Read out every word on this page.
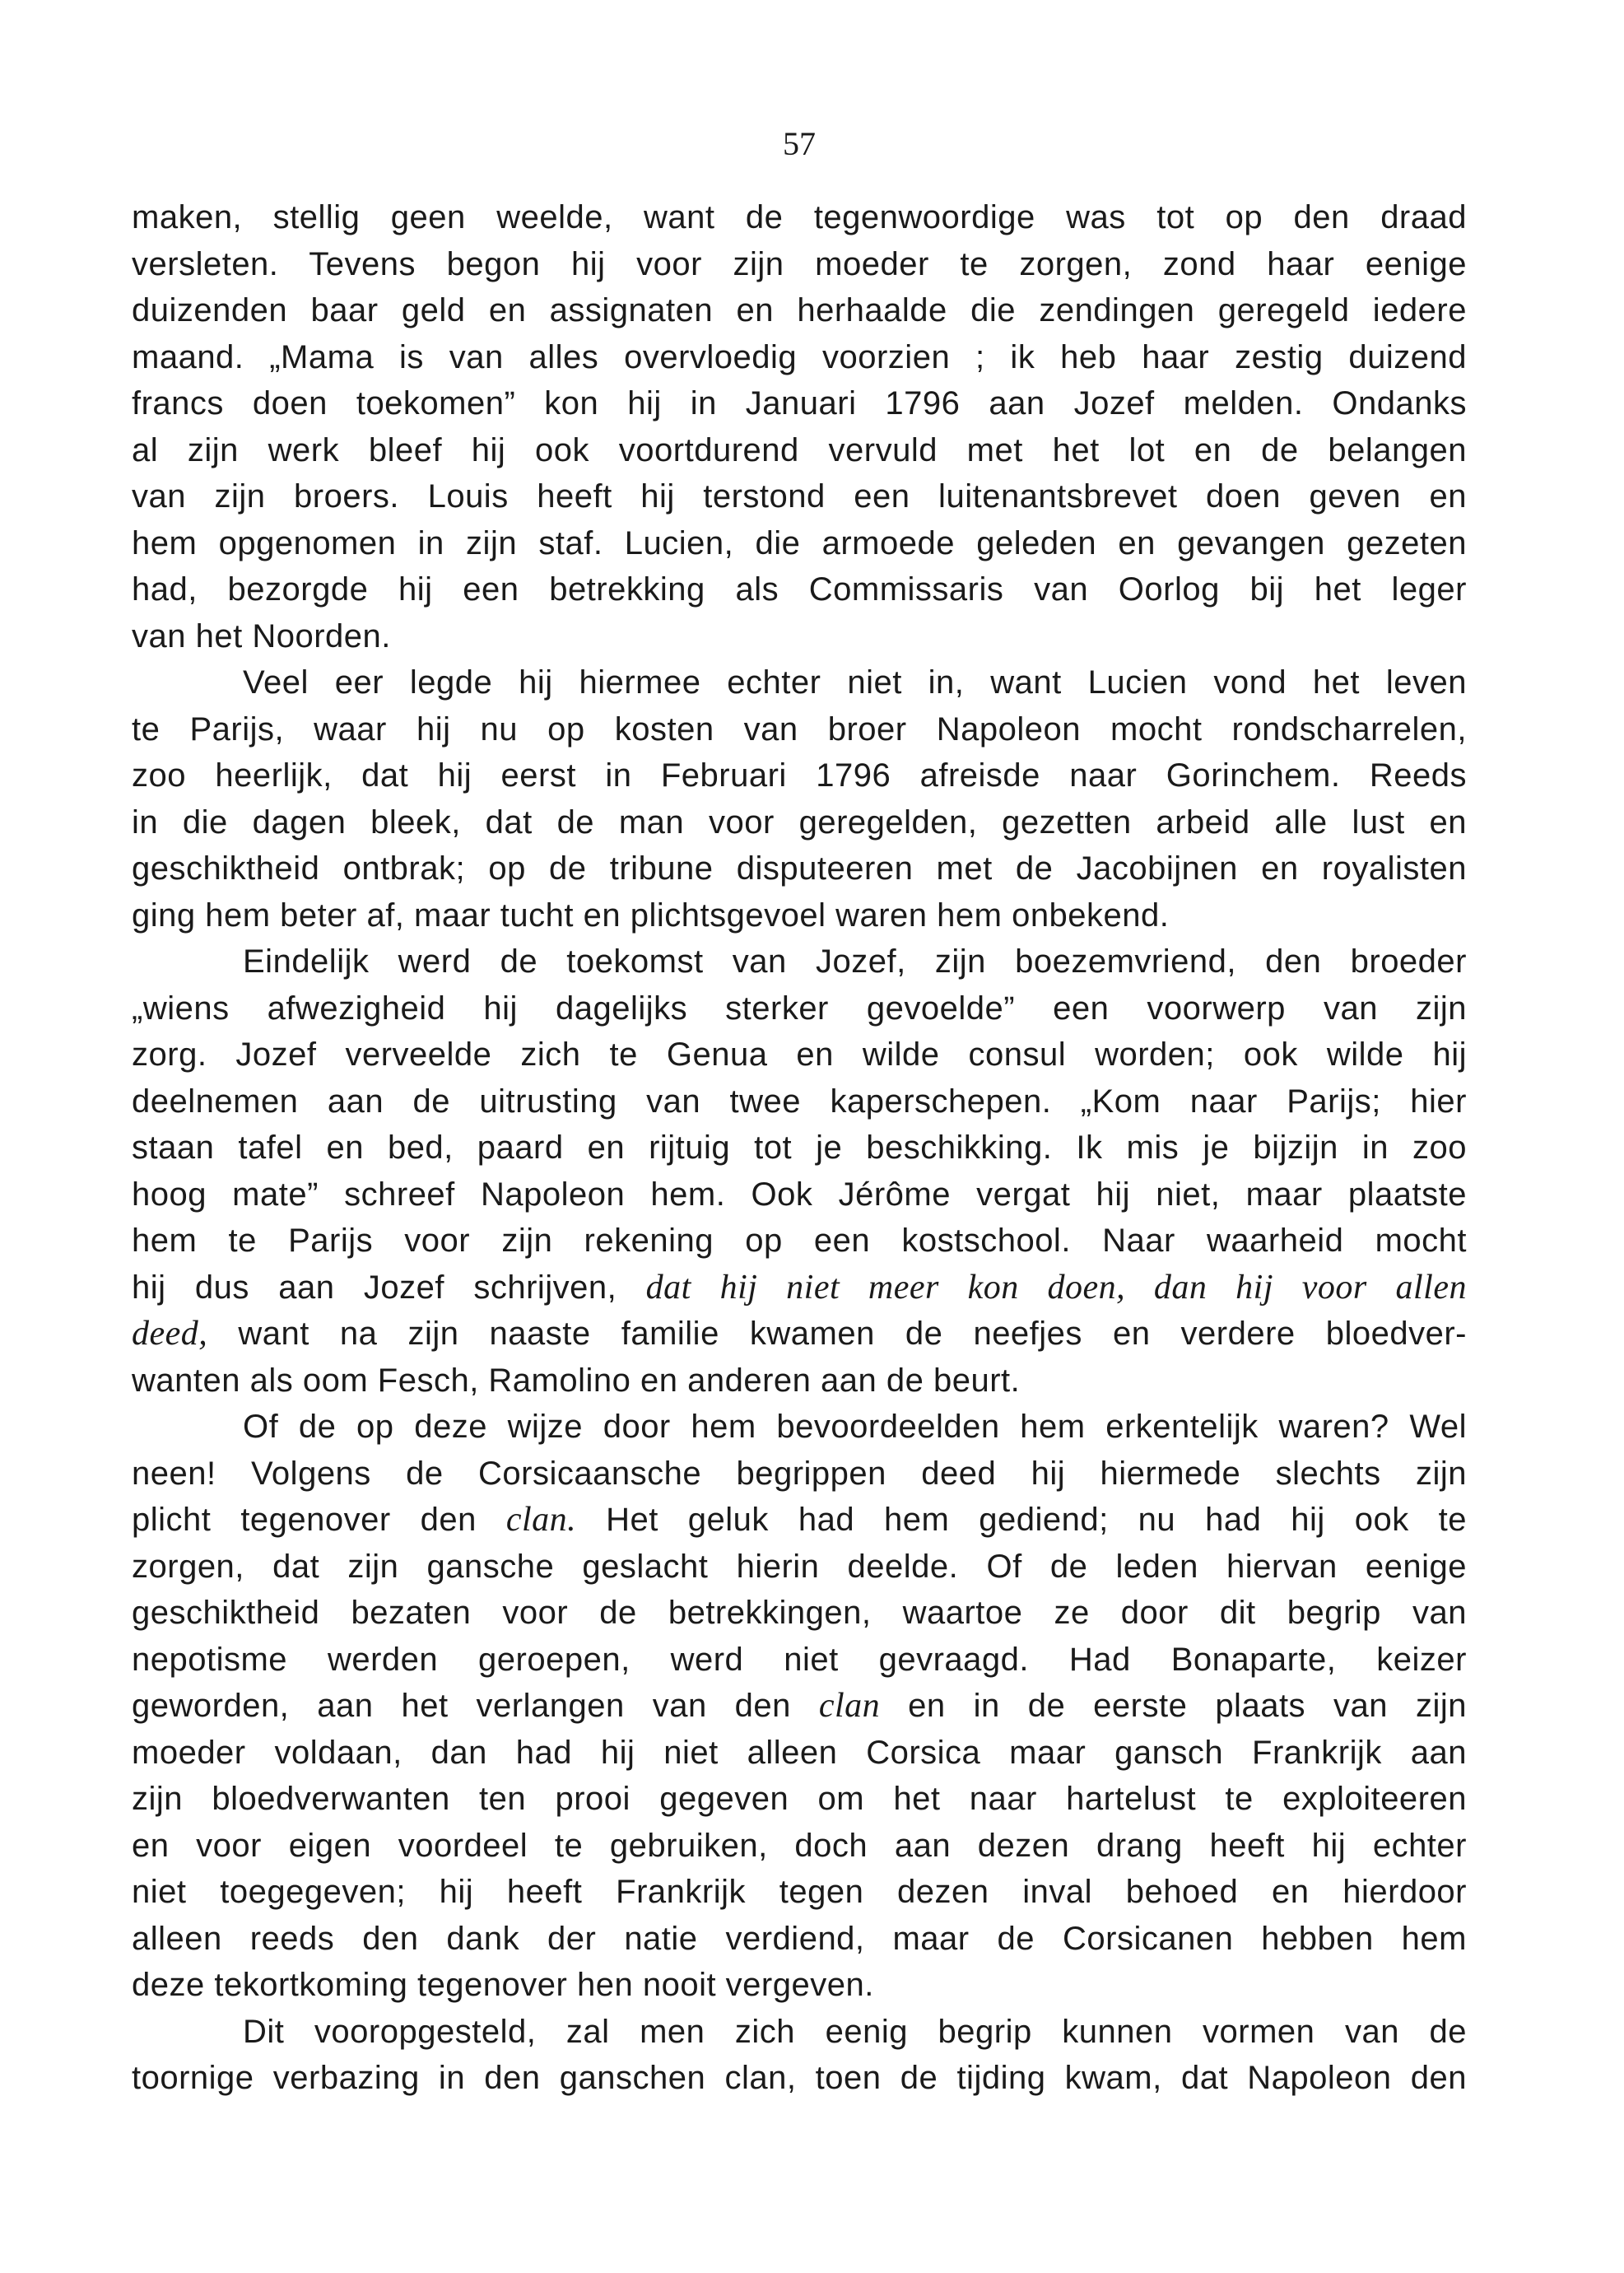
57
maken, stellig geen weelde, want de tegenwoordige was tot op den draad
versleten. Tevens begon hij voor zijn moeder te zorgen, zond haar eenige
duizenden baar geld en assignaten en herhaalde die zendingen geregeld iedere
maand. „Mama is van alles overvloedig voorzien ; ik heb haar zestig duizend
francs doen toekomen” kon hij in Januari 1796 aan Jozef melden. Ondanks
al zijn werk bleef hij ook voortdurend vervuld met het lot en de belangen
van zijn broers. Louis heeft hij terstond een luitenantsbrevet doen geven en
hem opgenomen in zijn staf. Lucien, die armoede geleden en gevangen gezeten
had, bezorgde hij een betrekking als Commissaris van Oorlog bij het leger
van het Noorden.
Veel eer legde hij hiermee echter niet in, want Lucien vond het leven
te Parijs, waar hij nu op kosten van broer Napoleon mocht rondscharrelen,
zoo heerlijk, dat hij eerst in Februari 1796 afreisde naar Gorinchem. Reeds
in die dagen bleek, dat de man voor geregelden, gezetten arbeid alle lust en
geschiktheid ontbrak; op de tribune disputeeren met de Jacobijnen en royalisten
ging hem beter af, maar tucht en plichtsgevoel waren hem onbekend.
Eindelijk werd de toekomst van Jozef, zijn boezemvriend, den broeder
„wiens afwezigheid hij dagelijks sterker gevoelde” een voorwerp van zijn
zorg. Jozef verveelde zich te Genua en wilde consul worden; ook wilde hij
deelnemen aan de uitrusting van twee kaperschepen. „Kom naar Parijs; hier
staan tafel en bed, paard en rijtuig tot je beschikking. Ik mis je bijzijn in zoo
hoog mate” schreef Napoleon hem. Ook Jérôme vergat hij niet, maar plaatste
hem te Parijs voor zijn rekening op een kostschool. Naar waarheid mocht
hij dus aan Jozef schrijven, dat hij niet meer kon doen, dan hij voor allen
deed, want na zijn naaste familie kwamen de neefjes en verdere bloedver-
wanten als oom Fesch, Ramolino en anderen aan de beurt.
Of de op deze wijze door hem bevoordeelden hem erkentelijk waren? Wel
neen! Volgens de Corsicaansche begrippen deed hij hiermede slechts zijn
plicht tegenover den clan. Het geluk had hem gediend; nu had hij ook te
zorgen, dat zijn gansche geslacht hierin deelde. Of de leden hiervan eenige
geschiktheid bezaten voor de betrekkingen, waartoe ze door dit begrip van
nepotisme werden geroepen, werd niet gevraagd. Had Bonaparte, keizer
geworden, aan het verlangen van den clan en in de eerste plaats van zijn
moeder voldaan, dan had hij niet alleen Corsica maar gansch Frankrijk aan
zijn bloedverwanten ten prooi gegeven om het naar hartelust te exploiteeren
en voor eigen voordeel te gebruiken, doch aan dezen drang heeft hij echter
niet toegegeven; hij heeft Frankrijk tegen dezen inval behoed en hierdoor
alleen reeds den dank der natie verdiend, maar de Corsicanen hebben hem
deze tekortkoming tegenover hen nooit vergeven.
Dit vooropgesteld, zal men zich eenig begrip kunnen vormen van de
toornige verbazing in den ganschen clan, toen de tijding kwam, dat Napoleon den
